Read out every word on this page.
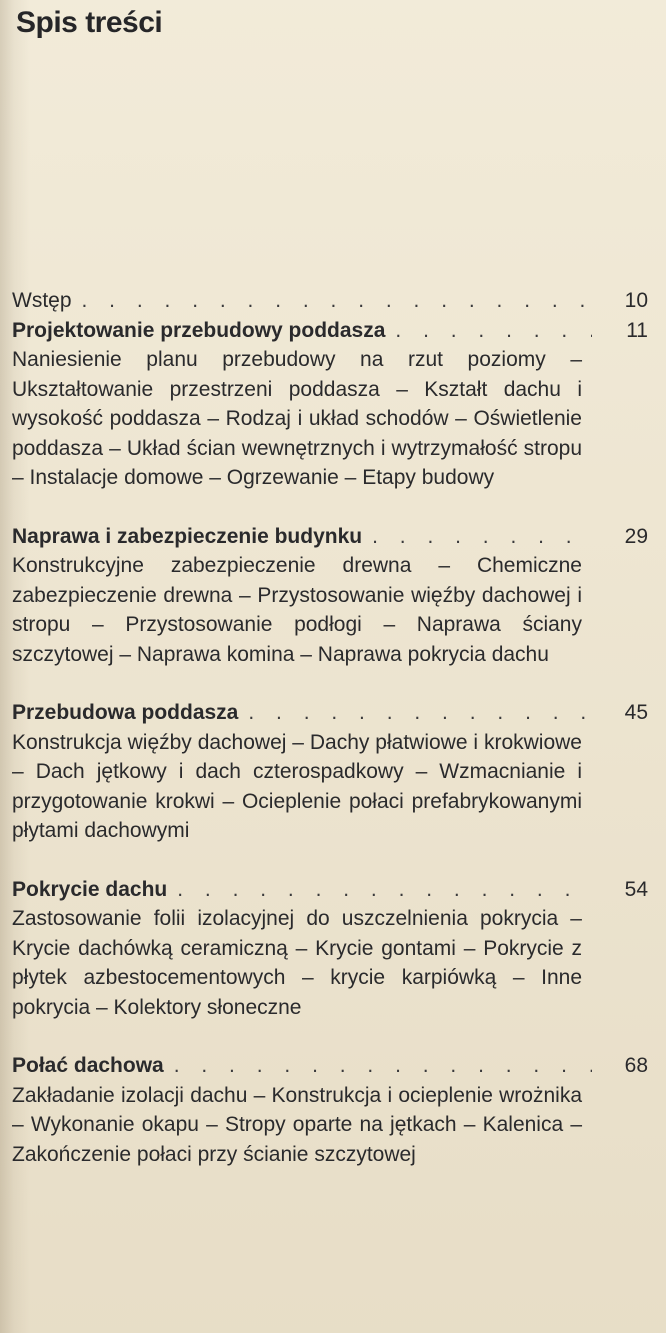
Spis treści
Wstęp . . .	10
Projektowanie przebudowy poddasza . . .	11
Naniesienie planu przebudowy na rzut poziomy – Ukształtowanie przestrzeni poddasza – Kształt dachu i wysokość poddasza – Rodzaj i układ schodów – Oświetlenie poddasza – Układ ścian wewnętrznych i wytrzymałość stropu – Instalacje domowe – Ogrzewanie – Etapy budowy
Naprawa i zabezpieczenie budynku . . .	29
Konstrukcyjne zabezpieczenie drewna – Chemiczne zabezpieczenie drewna – Przystosowanie więźby dachowej i stropu – Przystosowanie podłogi – Naprawa ściany szczytowej – Naprawa komina – Naprawa pokrycia dachu
Przebudowa poddasza . . .	45
Konstrukcja więźby dachowej – Dachy płatwiowe i krokwiowe – Dach jętkowy i dach czterospadkowy – Wzmacnianie i przygotowanie krokwi – Ocieplenie połaci prefabrykowanymi płytami dachowymi
Pokrycie dachu . . .	54
Zastosowanie folii izolacyjnej do uszczelnienia pokrycia – Krycie dachówką ceramiczną – Krycie gontami – Pokrycie z płytek azbestocementowych – krycie karpiówką – Inne pokrycia – Kolektory słoneczne
Połać dachowa . . .	68
Zakładanie izolacji dachu – Konstrukcja i ocieplenie wrożnika – Wykonanie okapu – Stropy oparte na jętkach – Kalenica – Zakończenie połaci przy ścianie szczytowej
